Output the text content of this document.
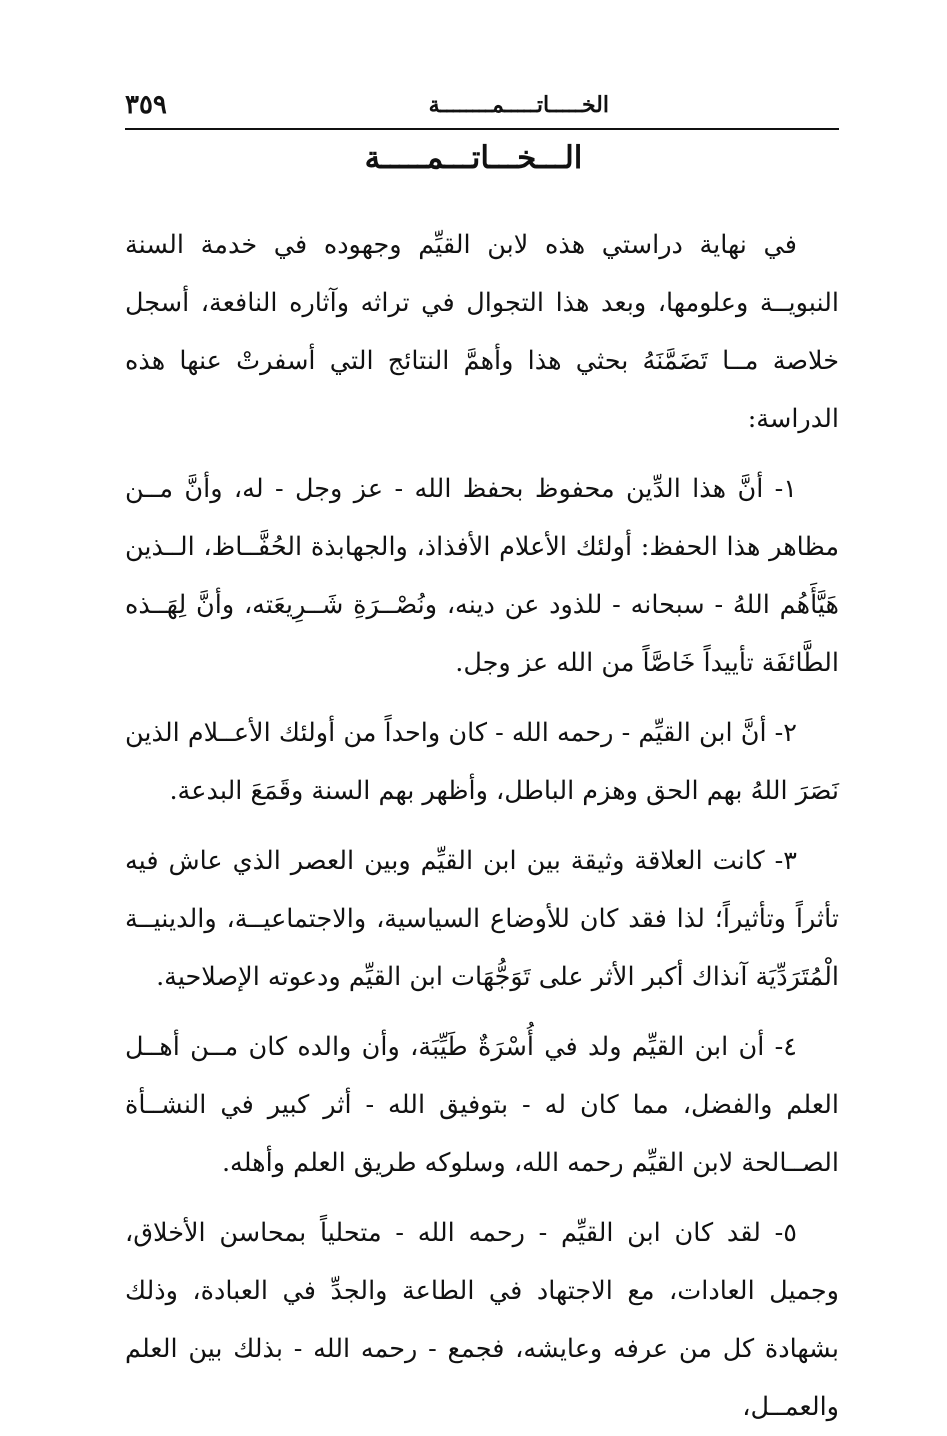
الخـــــاتـــــمــــــــة
٣٥٩
الـــخـــاتـــمـــــة

في نهاية دراستي هذه لابن القيِّم وجهوده في خدمة السنة النبويــة وعلومها، وبعد هذا التجوال في تراثه وآثاره النافعة، أسجل خلاصة مــا تَضَمَّنَهُ بحثي هذا وأهمَّ النتائج التي أسفرتْ عنها هذه الدراسة:

١- أنَّ هذا الدِّين محفوظ بحفظ الله - عز وجل - له، وأنَّ مــن مظاهر هذا الحفظ: أولئك الأعلام الأفذاذ، والجهابذة الحُفَّــاظ، الــذين هَيَّأَهُم اللهُ - سبحانه - للذود عن دينه، ونُصْــرَةِ شَــرِيعَته، وأنَّ لِهَــذه الطَّائفَة تأييداً خَاصَّاً من الله عز وجل.

٢- أنَّ ابن القيِّم - رحمه الله - كان واحداً من أولئك الأعــلام الذين نَصَرَ اللهُ بهم الحق وهزم الباطل، وأظهر بهم السنة وقَمَعَ البدعة.

٣- كانت العلاقة وثيقة بين ابن القيِّم وبين العصر الذي عاش فيه تأثراً وتأثيراً؛ لذا فقد كان للأوضاع السياسية، والاجتماعيــة، والدينيــة الْمُتَرَدِّيَة آنذاك أكبر الأثر على تَوَجُّهَات ابن القيِّم ودعوته الإصلاحية.

٤- أن ابن القيِّم ولد في أُسْرَةٌ طَيِّبَة، وأن والده كان مــن أهــل العلم والفضل، مما كان له - بتوفيق الله - أثر كبير في النشــأة الصــالحة لابن القيِّم رحمه الله، وسلوكه طريق العلم وأهله.

٥- لقد كان ابن القيِّم - رحمه الله - متحلياً بمحاسن الأخلاق، وجميل العادات، مع الاجتهاد في الطاعة والجدِّ في العبادة، وذلك بشهادة كل من عرفه وعايشه، فجمع - رحمه الله - بذلك بين العلم والعمــل،
